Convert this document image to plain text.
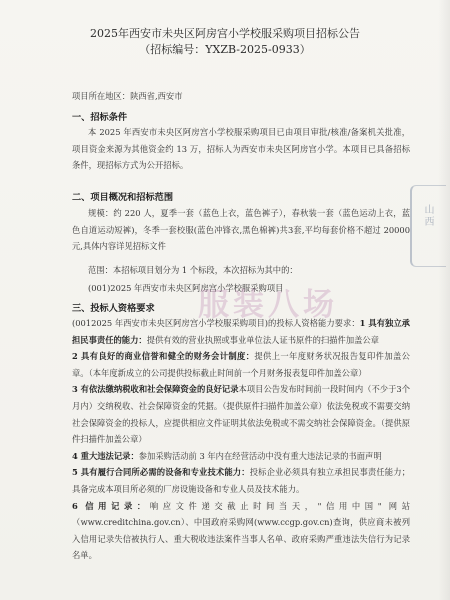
2025年西安市未央区阿房宫小学校服采购项目招标公告
（招标编号：YXZB-2025-0933）
项目所在地区：陕西省,西安市
一、招标条件
本 2025 年西安市未央区阿房宫小学校服采购项目已由项目审批/核准/备案机关批准，项目资金来源为其他资金约 13 万，招标人为西安市未央区阿房宫小学。本项目已具备招标条件，现招标方式为公开招标。
二、项目概况和招标范围
规模：约 220 人，夏季一套（蓝色上衣，蓝色裤子），春秋装一套（蓝色运动上衣，蓝色自道运动短裤)，冬季一套校服(蓝色冲锋衣,黑色棉裤)共3套,平均每套价格不超过 20000元,具体内容详见招标文件
范围：本招标项目划分为 1 个标段，本次招标为其中的：
(001)2025 年西安市未央区阿房宫小学校服采购项目
三、投标人资格要求
(0012025 年西安市未央区阿房宫小学校服采购项目)的投标人资格能力要求：1 具有独立承担民事责任的能力：提供有效的营业执照或事业单位法人证书原件的扫描件加盖公章
2 具有良好的商业信誉和健全的财务会计制度：提供上一年度财务状况报告复印件加盖公章。（本年度新成立的公司提供投标截止时间前一个月财务报表复印件加盖公章）
3 有依法缴纳税收和社会保障资金的良好记录本项目公告发布时间前一段时间内（不少于3个月内）交纳税收、社会保障资金的凭据。（提供原件扫描件加盖公章）依法免税或不需要交纳社会保障资金的投标人，应提供相应文件证明其依法免税或不需交纳社会保障资金。（提供原件扫描件加盖公章）
4 重大违法记录：参加采购活动前 3 年内在经营活动中没有重大违法记录的书面声明
5 具有履行合同所必需的设备和专业技术能力：投标企业必须具有独立承担民事责任能力；具备完成本项目所必须的厂房设施设备和专业人员及技术能力。
6 信用记录：响应文件递交截止时间当天，"信用中国" 网站（www.creditchina.gov.cn）、中国政府采购网(www.ccgp.gov.cn)查询，供应商未被列入信用记录失信被执行人、重大税收违法案件当事人名单、政府采购严重违法失信行为记录名单。
服装八场
山西
